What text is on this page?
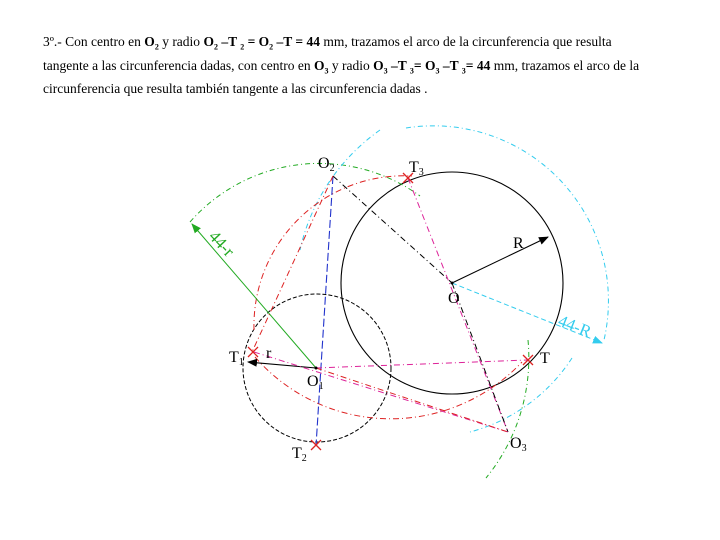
3º.- Con centro en $O_2$ y radio $O_2$ –T $_2 = O_2$ –T = 44 mm, trazamos el arco de la circunferencia que resulta
tangente a las circunferencia dadas, con centro en $O_3$ y radio $O_3$ –T $_3= O_3$ –T $_3$= 44 mm, trazamos el arco de la
circunferencia que resulta también tangente a las circunferencia dadas .
O2	T3
R
O
T1
r
O1
T
O3
T2
44-r
44-R
